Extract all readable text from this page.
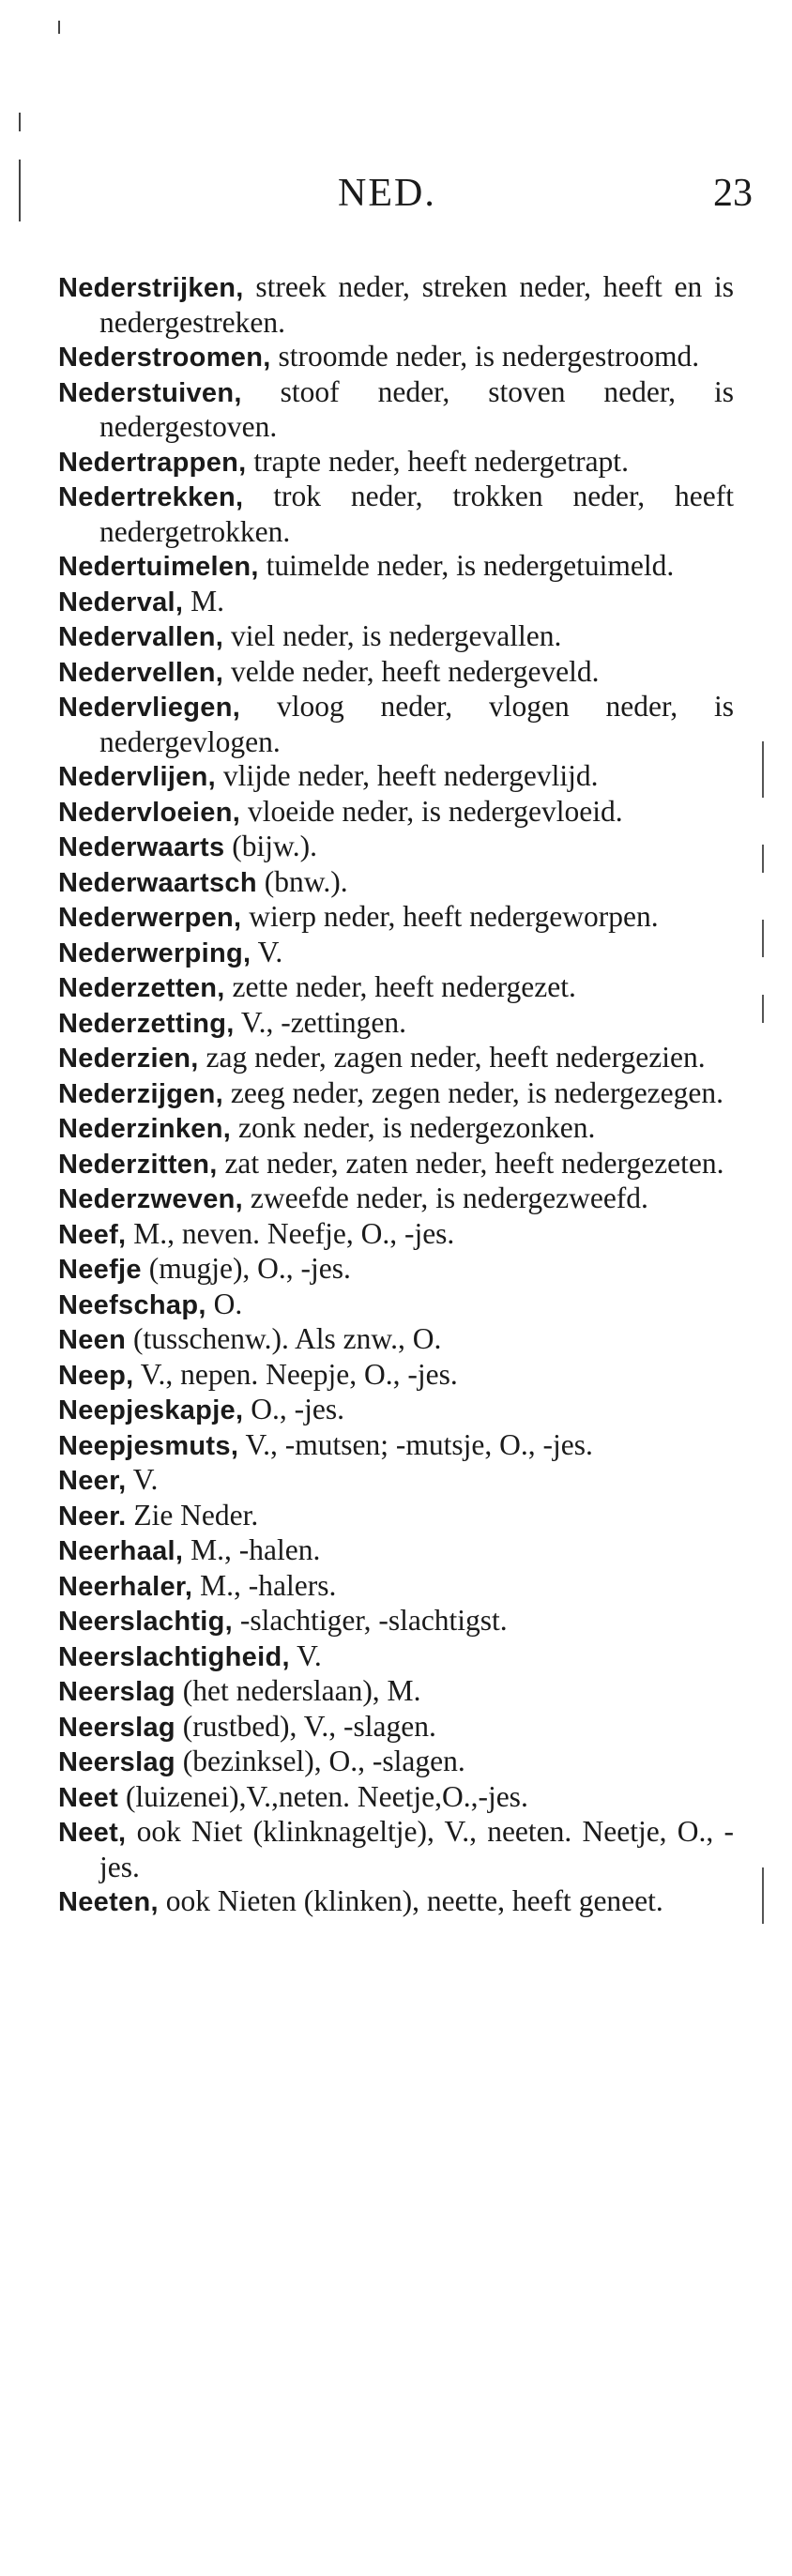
NED.	23
Nederstrijken, streek neder, streken neder, heeft en is nedergestreken.
Nederstroomen, stroomde neder, is nedergestroomd.
Nederstuiven, stoof neder, stoven neder, is nedergestoven.
Nedertrappen, trapte neder, heeft nedergetrapt.
Nedertrekken, trok neder, trokken neder, heeft nedergetrokken.
Nedertuimelen, tuimelde neder, is nedergetuimeld.
Nederval, M.
Nedervallen, viel neder, is nedergevallen.
Nedervellen, velde neder, heeft nedergeveld.
Nedervliegen, vloog neder, vlogen neder, is nedergevlogen.
Nedervlijen, vlijde neder, heeft nedergevlijd.
Nedervloeien, vloeide neder, is nedergevloeid.
Nederwaarts (bijw.).
Nederwaartsch (bnw.).
Nederwerpen, wierp neder, heeft nedergeworpen.
Nederwerping, V.
Nederzetten, zette neder, heeft nedergezet.
Nederzetting, V., -zettingen.
Nederzien, zag neder, zagen neder, heeft nedergezien.
Nederzijgen, zeeg neder, zegen neder, is nedergezegen.
Nederzinken, zonk neder, is nedergezonken.
Nederzitten, zat neder, zaten neder, heeft nedergezeten.
Nederzweven, zweefde neder, is nedergezweefd.
Neef, M., neven. Neefje, O., -jes.
Neefje (mugje), O., -jes.
Neefschap, O.
Neen (tusschenw.). Als znw., O.
Neep, V., nepen. Neepje, O., -jes.
Neepjeskapje, O., -jes.
Neepjesmuts, V., -mutsen; -mutsje, O., -jes.
Neer, V.
Neer. Zie Neder.
Neerhaal, M., -halen.
Neerhaler, M., -halers.
Neerslachtig, -slachtiger, -slachtigst.
Neerslachtigheid, V.
Neerslag (het nederslaan), M.
Neerslag (rustbed), V., -slagen.
Neerslag (bezinksel), O., -slagen.
Neet (luizenei),V.,neten. Neetje,O.,-jes.
Neet, ook Niet (klinknageltje), V., neeten. Neetje, O., -jes.
Neeten, ook Nieten (klinken), neette, heeft geneet.
